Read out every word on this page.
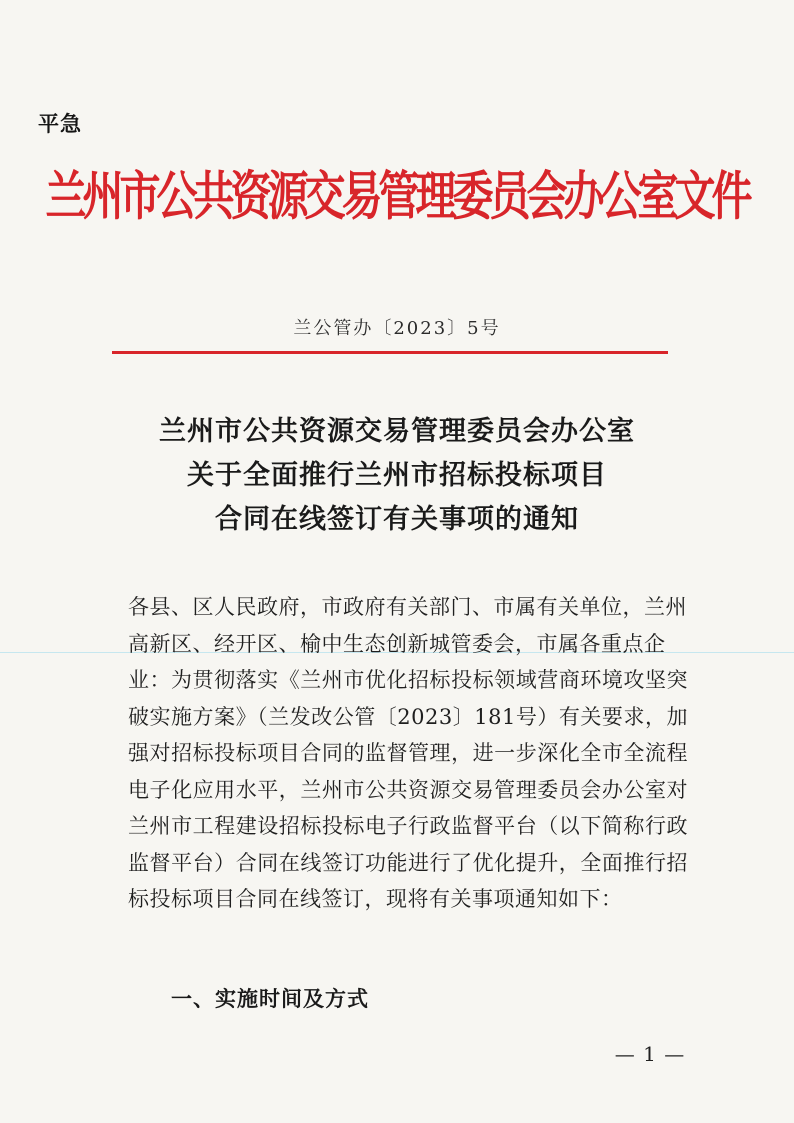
平急
兰州市公共资源交易管理委员会办公室文件
兰公管办〔2023〕5号
兰州市公共资源交易管理委员会办公室
关于全面推行兰州市招标投标项目
合同在线签订有关事项的通知
各县、区人民政府，市政府有关部门、市属有关单位，兰州高新区、经开区、榆中生态创新城管委会，市属各重点企业： 为贯彻落实《兰州市优化招标投标领域营商环境攻坚突破实施方案》（兰发改公管〔2023〕181号）有关要求，加强对招标投标项目合同的监督管理，进一步深化全市全流程电子化应用水平，兰州市公共资源交易管理委员会办公室对兰州市工程建设招标投标电子行政监督平台（以下简称行政监督平台）合同在线签订功能进行了优化提升，全面推行招标投标项目合同在线签订，现将有关事项通知如下：
一、实施时间及方式
— 1 —
